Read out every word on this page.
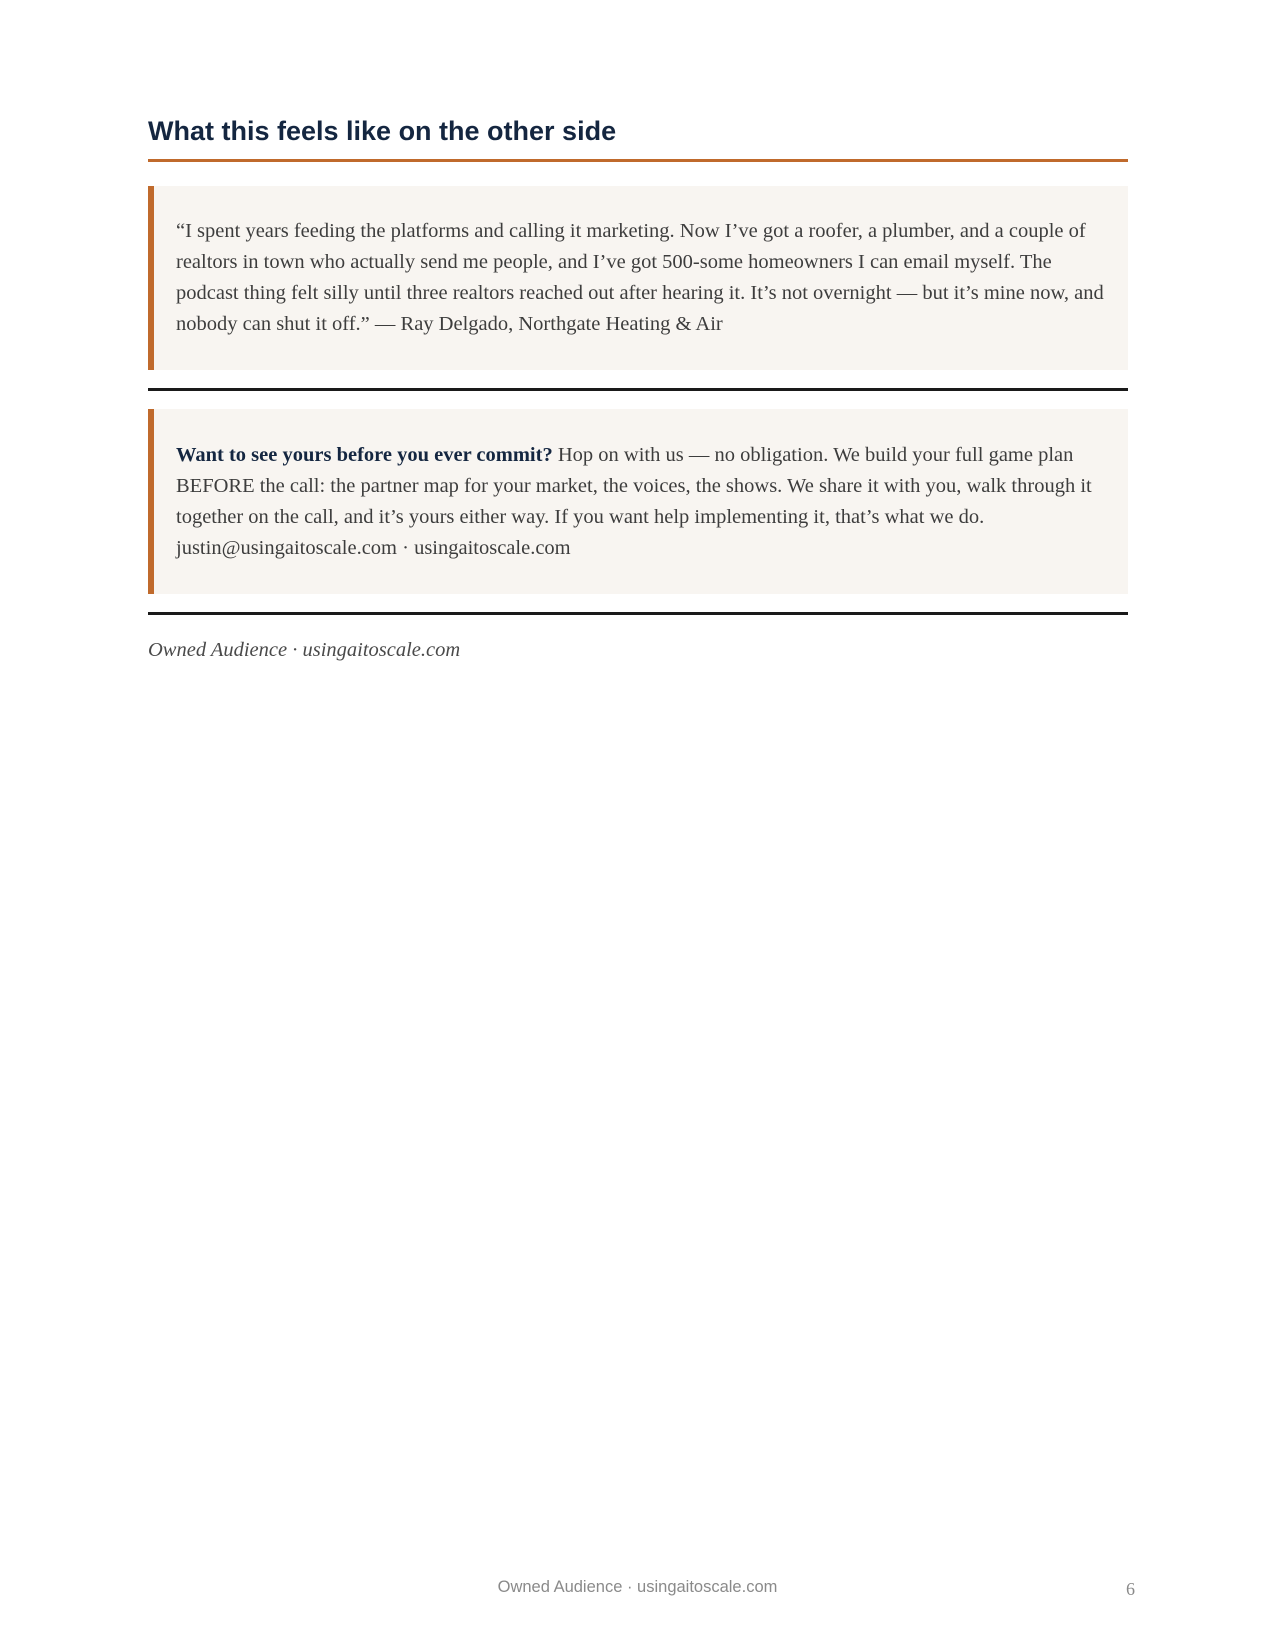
What this feels like on the other side
“I spent years feeding the platforms and calling it marketing. Now I’ve got a roofer, a plumber, and a couple of realtors in town who actually send me people, and I’ve got 500-some homeowners I can email myself. The podcast thing felt silly until three realtors reached out after hearing it. It’s not overnight — but it’s mine now, and nobody can shut it off.” — Ray Delgado, Northgate Heating & Air
Want to see yours before you ever commit? Hop on with us — no obligation. We build your full game plan BEFORE the call: the partner map for your market, the voices, the shows. We share it with you, walk through it together on the call, and it’s yours either way. If you want help implementing it, that’s what we do. justin@usingaitoscale.com · usingaitoscale.com
Owned Audience · usingaitoscale.com
Owned Audience · usingaitoscale.com	6
